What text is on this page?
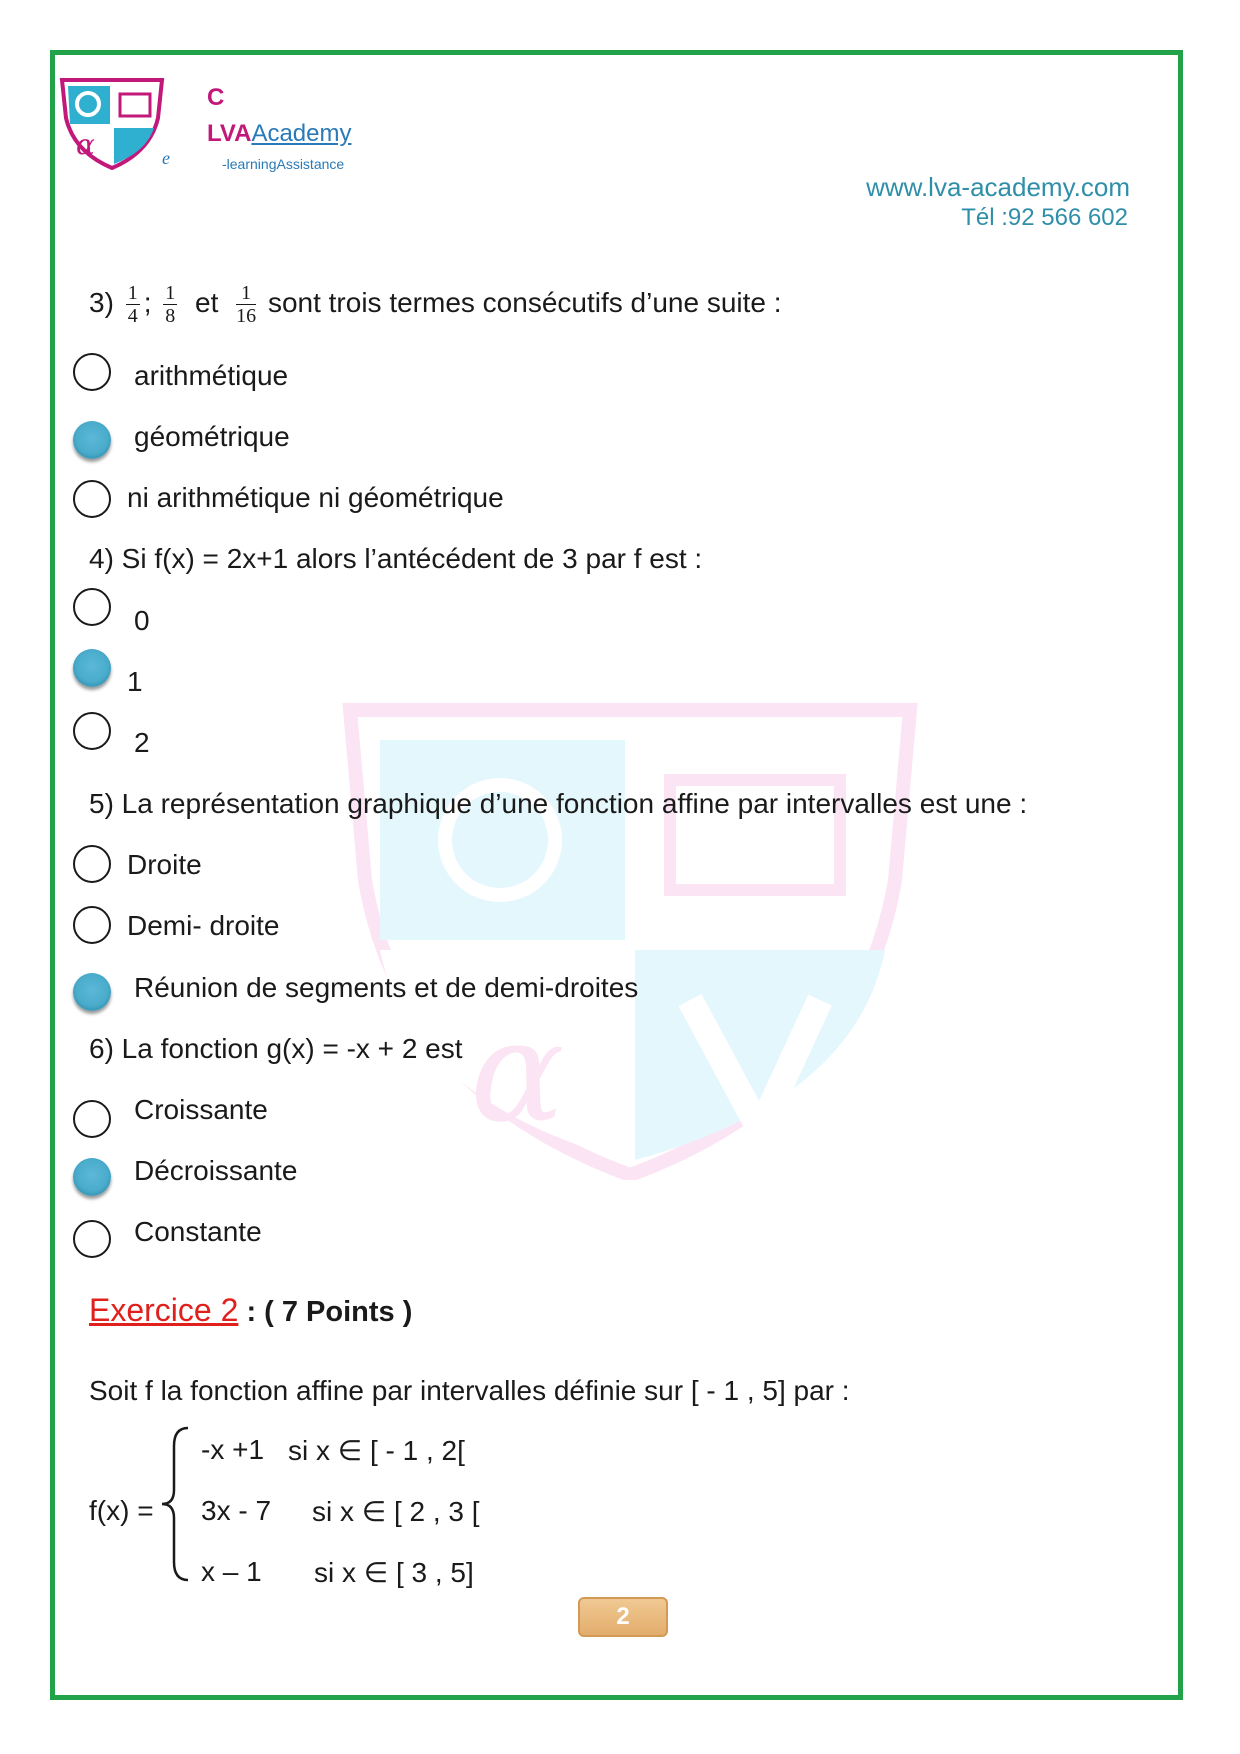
α
α
C
LVAAcademy
e	-learningAssistance
www.lva-academy.com
Tél :92 566 602
$3) \frac{1}{4}$ ; $\frac{1}{8}$ et $\frac{1}{16}$ sont trois termes consécutifs d’une suite :
arithmétique
géométrique
ni arithmétique ni géométrique
4) Si f(x) = 2x+1 alors l’antécédent de 3 par f est :
0
1
2
5) La représentation graphique d’une fonction affine par intervalles est une :
Droite
Demi- droite
Réunion de segments et de demi-droites
6) La fonction g(x) = -x + 2 est
Croissante
Décroissante
Constante
Exercice 2 : ( 7 Points )
Soit f la fonction affine par intervalles définie sur [ - 1 , 5] par :
f(x) =
-x +1 si x ∈ [ - 1 , 2[
3x - 7 si x ∈ [ 2 , 3 [
x – 1 si x ∈ [ 3 , 5]
2
